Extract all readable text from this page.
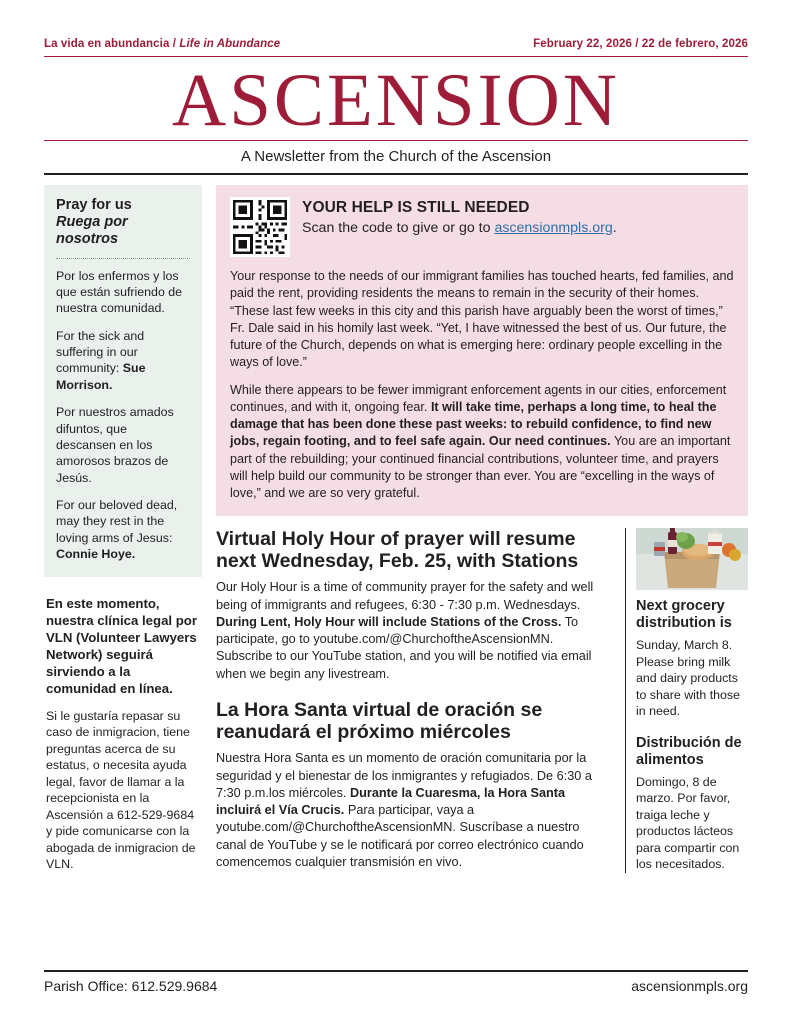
La vida en abundancia / Life in Abundance	February 22, 2026 / 22 de febrero, 2026
ASCENSION
A Newsletter from the Church of the Ascension
Pray for us
Ruega por nosotros

Por los enfermos y los que están sufriendo de nuestra comunidad.

For the sick and suffering in our community: Sue Morrison.

Por nuestros amados difuntos, que descansen en los amorosos brazos de Jesús.

For our beloved dead, may they rest in the loving arms of Jesus: Connie Hoye.

En este momento, nuestra clínica legal por VLN (Volunteer Lawyers Network) seguirá sirviendo a la comunidad en línea.

Si le gustaría repasar su caso de inmigracion, tiene preguntas acerca de su estatus, o necesita ayuda legal, favor de llamar a la recepcionista en la Ascensión a 612-529-9684 y pide comunicarse con la abogada de inmigracion de VLN.

YOUR HELP IS STILL NEEDED

Scan the code to give or go to ascensionmpls.org.

Your response to the needs of our immigrant families has touched hearts, fed families, and paid the rent, providing residents the means to remain in the security of their homes. “These last few weeks in this city and this parish have arguably been the worst of times,” Fr. Dale said in his homily last week. “Yet, I have witnessed the best of us. Our future, the future of the Church, depends on what is emerging here: ordinary people excelling in the ways of love.”

While there appears to be fewer immigrant enforcement agents in our cities, enforcement continues, and with it, ongoing fear. It will take time, perhaps a long time, to heal the damage that has been done these past weeks: to rebuild confidence, to find new jobs, regain footing, and to feel safe again. Our need continues. You are an important part of the rebuilding; your continued financial contributions, volunteer time, and prayers will help build our community to be stronger than ever. You are “excelling in the ways of love,” and we are so very grateful.

Virtual Holy Hour of prayer will resume next Wednesday, Feb. 25, with Stations

Our Holy Hour is a time of community prayer for the safety and well being of immigrants and refugees, 6:30 - 7:30 p.m. Wednesdays. During Lent, Holy Hour will include Stations of the Cross. To participate, go to youtube.com/@ChurchoftheAscensionMN. Subscribe to our YouTube station, and you will be notified via email when we begin any livestream.

La Hora Santa virtual de oración se reanudará el próximo miércoles

Nuestra Hora Santa es un momento de oración comunitaria por la seguridad y el bienestar de los inmigrantes y refugiados. De 6:30 a 7:30 p.m.los miércoles. Durante la Cuaresma, la Hora Santa incluirá el Vía Crucis. Para participar, vaya a youtube.com/@ChurchoftheAscensionMN. Suscríbase a nuestro canal de YouTube y se le notificará por correo electrónico cuando comencemos cualquier transmisión en vivo.

Next grocery distribution is

Sunday, March 8. Please bring milk and dairy products to share with those in need.

Distribución de alimentos

Domingo, 8 de marzo. Por favor, traiga leche y productos lácteos para compartir con los necesitados.

Parish Office: 612.529.9684	ascensionmpls.org
